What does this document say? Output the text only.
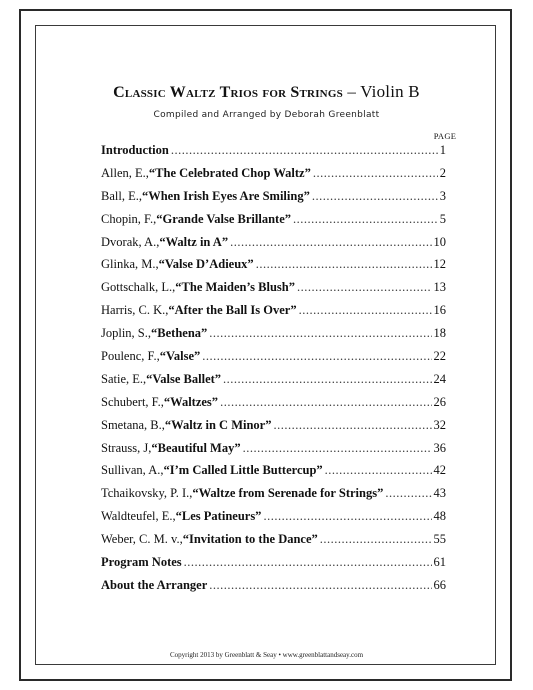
Classic Waltz Trios for Strings – Violin B
Compiled and Arranged by Deborah Greenblatt
PAGE
Introduction .....	1
Allen, E., “The Celebrated Chop Waltz” .....	2
Ball, E., “When Irish Eyes Are Smiling” .....	3
Chopin, F., “Grande Valse Brillante” .....	5
Dvorak, A., “Waltz in A” .....	10
Glinka, M., “Valse D’Adieux” .....	12
Gottschalk, L., “The Maiden’s Blush” .....	13
Harris, C. K., “After the Ball Is Over” .....	16
Joplin, S., “Bethena” .....	18
Poulenc, F., “Valse” .....	22
Satie, E., “Valse Ballet” .....	24
Schubert, F., “Waltzes” .....	26
Smetana, B., “Waltz in C Minor” .....	32
Strauss, J, “Beautiful May” .....	36
Sullivan, A., “I’m Called Little Buttercup” .....	42
Tchaikovsky, P. I., “Waltze from Serenade for Strings” .....	43
Waldteufel, E., “Les Patineurs” .....	48
Weber, C. M. v., “Invitation to the Dance” .....	55
Program Notes .....	61
About the Arranger .....	66
Copyright 2013 by Greenblatt & Seay • www.greenblattandseay.com
